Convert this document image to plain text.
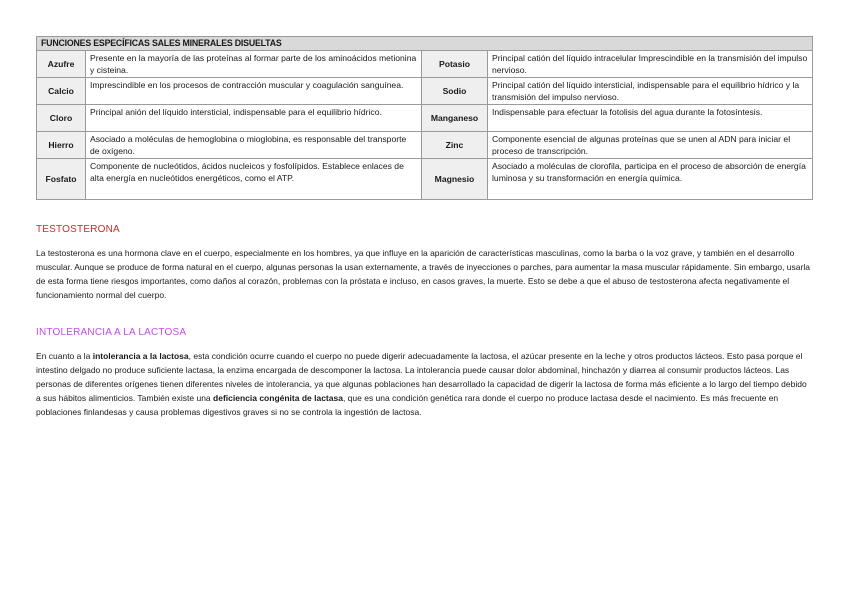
FUNCIONES ESPECÍFICAS SALES MINERALES DISUELTAS			
Azufre	Presente en la mayoría de las proteínas al formar parte de los aminoácidos metionina y cisteina.	Potasio	Principal catión del líquido intracelular Imprescindible en la transmisión del impulso nervioso.
Calcio	Imprescindible en los procesos de contracción muscular y coagulación sanguínea.	Sodio	Principal catión del líquido intersticial, indispensable para el equilibrio hídrico y la transmisión del impulso nervioso.
Cloro	Principal anión del líquido intersticial, indispensable para el equilibrio hídrico.	Manganeso	Indispensable para efectuar la fotolisis del agua durante la fotosíntesis.
Hierro	Asociado a moléculas de hemoglobina o mioglobina, es responsable del transporte de oxígeno.	Zinc	Componente esencial de algunas proteínas que se unen al ADN para iniciar el proceso de transcripción.
Fosfato	Componente de nucleótidos, ácidos nucleicos y fosfolípidos. Establece enlaces de alta energía en nucleótidos energéticos, como el ATP.	Magnesio	Asociado a moléculas de clorofila, participa en el proceso de absorción de energía luminosa y su transformación en energía química.
TESTOSTERONA

La testosterona es una hormona clave en el cuerpo, especialmente en los hombres, ya que influye en la aparición de características masculinas, como la barba o la voz grave, y también en el desarrollo muscular. Aunque se produce de forma natural en el cuerpo, algunas personas la usan externamente, a través de inyecciones o parches, para aumentar la masa muscular rápidamente. Sin embargo, usarla de esta forma tiene riesgos importantes, como daños al corazón, problemas con la próstata e incluso, en casos graves, la muerte. Esto se debe a que el abuso de testosterona afecta negativamente el funcionamiento normal del cuerpo.

INTOLERANCIA A LA LACTOSA

En cuanto a la intolerancia a la lactosa, esta condición ocurre cuando el cuerpo no puede digerir adecuadamente la lactosa, el azúcar presente en la leche y otros productos lácteos. Esto pasa porque el intestino delgado no produce suficiente lactasa, la enzima encargada de descomponer la lactosa. La intolerancia puede causar dolor abdominal, hinchazón y diarrea al consumir productos lácteos. Las personas de diferentes orígenes tienen diferentes niveles de intolerancia, ya que algunas poblaciones han desarrollado la capacidad de digerir la lactosa de forma más eficiente a lo largo del tiempo debido a sus hábitos alimenticios. También existe una deficiencia congénita de lactasa, que es una condición genética rara donde el cuerpo no produce lactasa desde el nacimiento. Es más frecuente en poblaciones finlandesas y causa problemas digestivos graves si no se controla la ingestión de lactosa.
